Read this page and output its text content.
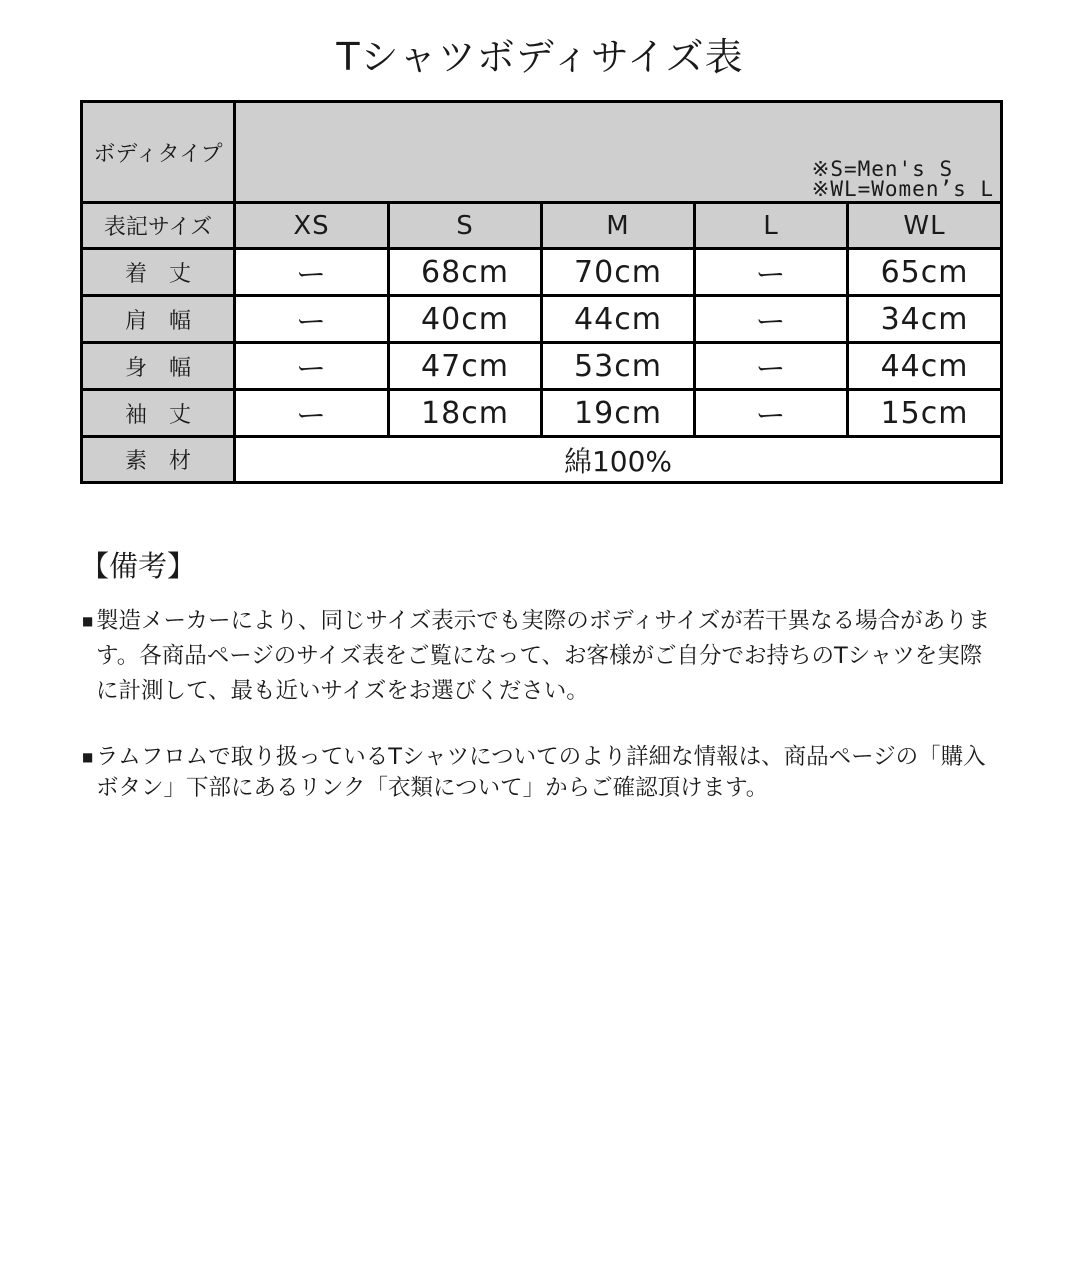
Tシャツボディサイズ表
ボディタイプ	※S=Men's S
※WL=Women’s L				

表記サイズ	XS	S	M	L	WL
着　丈	ー	68cm	70cm	ー	65cm
肩　幅	ー	40cm	44cm	ー	34cm
身　幅	ー	47cm	53cm	ー	44cm
袖　丈	ー	18cm	19cm	ー	15cm
素　材	綿100%				
【備考】
■ 製造メーカーにより、同じサイズ表示でも実際のボディサイズが若干異なる場合があります。各商品ページのサイズ表をご覧になって、お客様がご自分でお持ちのTシャツを実際に計測して、最も近いサイズをお選びください。
■ ラムフロムで取り扱っているTシャツについてのより詳細な情報は、商品ページの「購入ボタン」下部にあるリンク「衣類について」からご確認頂けます。
